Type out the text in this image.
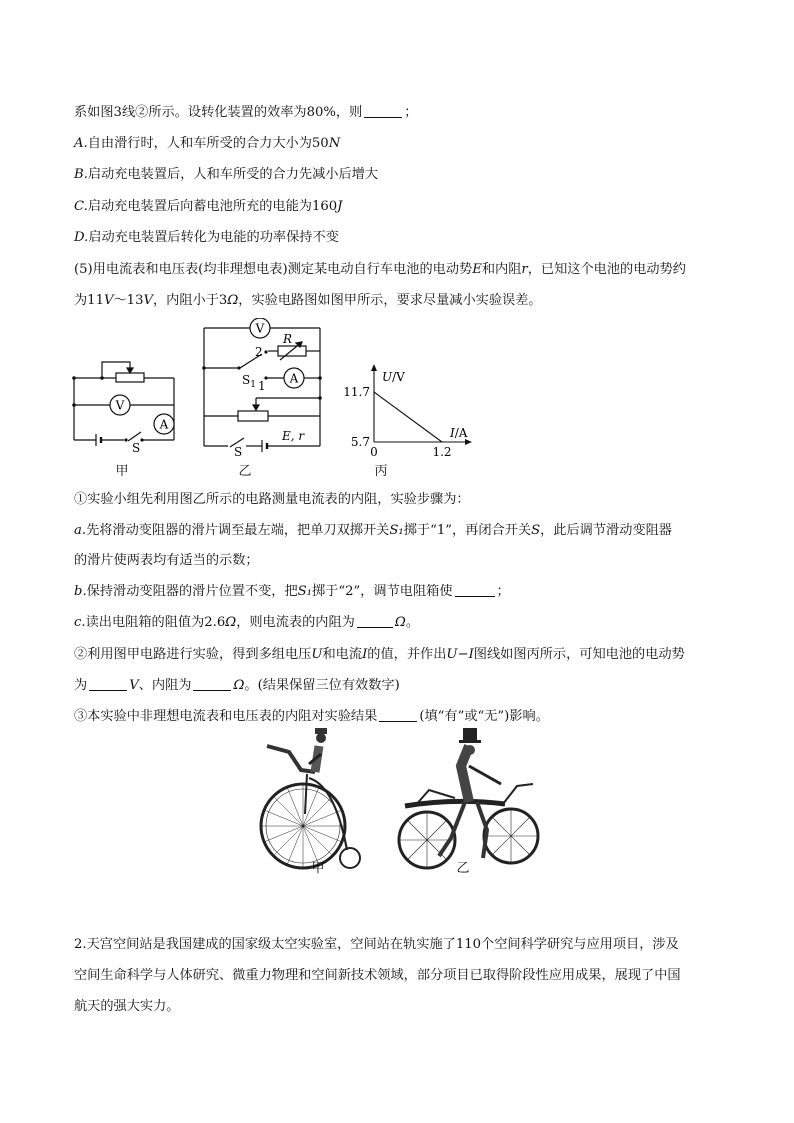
系如图3线②所示。设转化装置的效率为80%，则	；
A.自由滑行时，人和车所受的合力大小为50N
B.启动充电装置后，人和车所受的合力先减小后增大
C.启动充电装置后向蓄电池所充的电能为160J
D.启动充电装置后转化为电能的功率保持不变
(5)用电流表和电压表(均非理想电表)测定某电动自行车电池的电动势E和内阻r，已知这个电池的电动势约
为11V～13V，内阻小于3Ω，实验电路图如图甲所示，要求尽量减小实验误差。
V
A
S
甲
V
A
R
2
1
$S_1$
E, r
S
乙
U/V
I/A
11.7
5.7
0	1.2
丙
①实验小组先利用图乙所示的电路测量电流表的内阻，实验步骤为：
a.先将滑动变阻器的滑片调至最左端，把单刀双掷开关S₁掷于“1”，再闭合开关S，此后调节滑动变阻器
的滑片使两表均有适当的示数；
b.保持滑动变阻器的滑片位置不变，把S₁掷于“2”，调节电阻箱使	；
c.读出电阻箱的阻值为2.6Ω，则电流表的内阻为	Ω。
②利用图甲电路进行实验，得到多组电压U和电流I的值，并作出U−I图线如图丙所示，可知电池的电动势
为	V、内阻为	Ω。(结果保留三位有效数字)
③本实验中非理想电流表和电压表的内阻对实验结果	(填“有”或“无”)影响。
甲	乙
2.天宫空间站是我国建成的国家级太空实验室，空间站在轨实施了110个空间科学研究与应用项目，涉及
空间生命科学与人体研究、微重力物理和空间新技术领域，部分项目已取得阶段性应用成果，展现了中国
航天的强大实力。
